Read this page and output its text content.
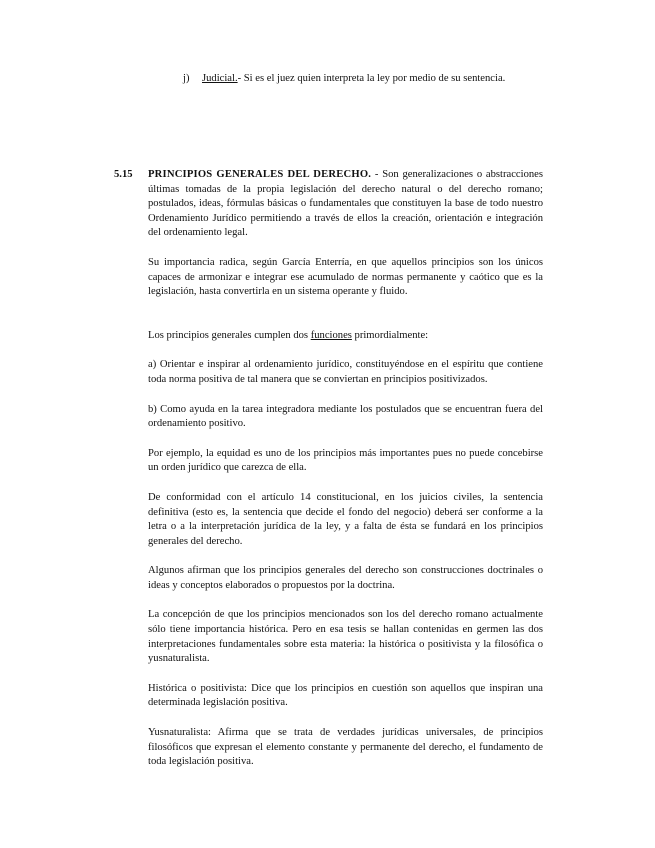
j) Judicial.- Si es el juez quien interpreta la ley por medio de su sentencia.
5.15 PRINCIPIOS GENERALES DEL DERECHO. - Son generalizaciones o abstracciones últimas tomadas de la propia legislación del derecho natural o del derecho romano; postulados, ideas, fórmulas básicas o fundamentales que constituyen la base de todo nuestro Ordenamiento Jurídico permitiendo a través de ellos la creación, orientación e integración del ordenamiento legal.

Su importancia radica, según García Enterría, en que aquellos principios son los únicos capaces de armonizar e integrar ese acumulado de normas permanente y caótico que es la legislación, hasta convertirla en un sistema operante y fluido.

Los principios generales cumplen dos funciones primordialmente:

a) Orientar e inspirar al ordenamiento jurídico, constituyéndose en el espíritu que contiene toda norma positiva de tal manera que se conviertan en principios positivizados.

b) Como ayuda en la tarea integradora mediante los postulados que se encuentran fuera del ordenamiento positivo.

Por ejemplo, la equidad es uno de los principios más importantes pues no puede concebirse un orden jurídico que carezca de ella.

De conformidad con el artículo 14 constitucional, en los juicios civiles, la sentencia definitiva (esto es, la sentencia que decide el fondo del negocio) deberá ser conforme a la letra o a la interpretación jurídica de la ley, y a falta de ésta se fundará en los principios generales del derecho.

Algunos afirman que los principios generales del derecho son construcciones doctrinales o ideas y conceptos elaborados o propuestos por la doctrina.

La concepción de que los principios mencionados son los del derecho romano actualmente sólo tiene importancia histórica. Pero en esa tesis se hallan contenidas en germen las dos interpretaciones fundamentales sobre esta materia: la histórica o positivista y la filosófica o yusnaturalista.

Histórica o positivista: Dice que los principios en cuestión son aquellos que inspiran una determinada legislación positiva.

Yusnaturalista: Afirma que se trata de verdades jurídicas universales, de principios filosóficos que expresan el elemento constante y permanente del derecho, el fundamento de toda legislación positiva.
